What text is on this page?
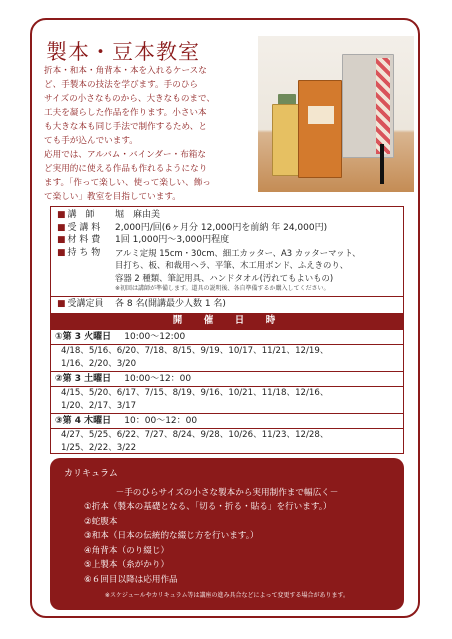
製本・豆本教室

折本・和本・角背本・本を入れるケースな

ど、手製本の技法を学びます。手のひら

サイズの小さなものから、大きなものまで、

工夫を凝らした作品を作ります。小さい本

も大きな本も同じ手法で制作するため、と

ても手が込んでいます。

応用では、アルバム・バインダー・布箱な

ど実用的に使える作品も作れるようになり

ます。「作って楽しい、使って楽しい、飾っ

て楽しい」教室を目指しています。

■ 講　師	堀　麻由美
■ 受 講 料	2,000円/回(6ヶ月分 12,000円を前納 年 24,000円)
■ 材 料 費	1回 1,000円～3,000円程度
■ 持 ち 物	アルミ定規 15cm・30cm、細工カッター、A3 カッターマット、
目打ち、板、和裁用ヘラ、平筆、木工用ボンド、ふえきのり、
容器 2 種類、筆記用具、ハンドタオル(汚れてもよいもの)
※初回は講師が準備します。道具の説明後、各自準備するか購入してください。
■ 受講定員	各 8 名(開講最少人数 1 名)
開　催　日　時
①第 3 火曜日 10:00～12:00
4/18、5/16、6/20、7/18、8/15、9/19、10/17、11/21、12/19、
1/16、2/20、3/20
②第 3 土曜日 10:00～12：00
4/15、5/20、6/17、7/15、8/19、9/16、10/21、11/18、12/16、
1/20、2/17、3/17
③第 4 木曜日 10：00～12：00
4/27、5/25、6/22、7/27、8/24、9/28、10/26、11/23、12/28、
1/25、2/22、3/22
カリキュラム
－手のひらサイズの小さな製本から実用制作まで幅広く－
①折本（製本の基礎となる、「切る・折る・貼る」を行います。）
②蛇腹本
③和本（日本の伝統的な綴じ方を行います。）
④角背本（のり綴じ）
⑤上製本（糸がかり）
⑥６回目以降は応用作品
※スケジュールやカリキュラム等は講座の進み具合などによって変更する場合があります。
